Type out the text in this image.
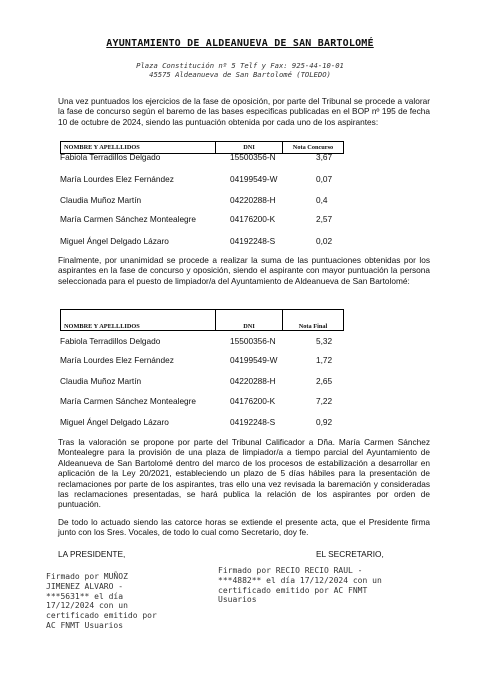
AYUNTAMIENTO DE ALDEANUEVA DE SAN BARTOLOMÉ
Plaza Constitución nº 5 Telf y Fax: 925-44-10-01
45575 Aldeanueva de San Bartolomé (TOLEDO)
Una vez puntuados los ejercicios de la fase de oposición, por parte del Tribunal se procede a valorar la fase de concurso según el baremo de las bases especificas publicadas en el BOP nº 195 de fecha 10 de octubre de 2024, siendo las puntuación obtenida por cada uno de los aspirantes:
NOMBRE Y APELLLIDOS	DNI	Nota Concurso
Fabiola Terradillos Delgado	15500356-N	3,67
María Lourdes Elez Fernández	04199549-W	0,07
Claudia Muñoz Martín	04220288-H	0,4
María Carmen Sánchez Montealegre	04176200-K	2,57
Miguel Ángel Delgado Lázaro	04192248-S	0,02
Finalmente, por unanimidad se procede a realizar la suma de las puntuaciones obtenidas por los aspirantes en la fase de concurso y oposición, siendo el aspirante con mayor puntuación la persona seleccionada para el puesto de limpiador/a del Ayuntamiento de Aldeanueva de San Bartolomé:
NOMBRE Y APELLLIDOS	DNI	Nota Final
Fabiola Terradillos Delgado	15500356-N	5,32
María Lourdes Elez Fernández	04199549-W	1,72
Claudia Muñoz Martín	04220288-H	2,65
María Carmen Sánchez Montealegre	04176200-K	7,22
Miguel Ángel Delgado Lázaro	04192248-S	0,92
Tras la valoración se propone por parte del Tribunal Calificador a Dña. María Carmen Sánchez Montealegre para la provisión de una plaza de limpiador/a a tiempo parcial del Ayuntamiento de Aldeanueva de San Bartolomé dentro del marco de los procesos de estabilización a desarrollar en aplicación de la Ley 20/2021, estableciendo un plazo de 5 días hábiles para la presentación de reclamaciones por parte de los aspirantes, tras ello una vez revisada la baremación y consideradas las reclamaciones presentadas, se hará publica la relación de los aspirantes por orden de puntuación.
De todo lo actuado siendo las catorce horas se extiende el presente acta, que el Presidente firma junto con los Sres. Vocales, de todo lo cual como Secretario, doy fe.
LA PRESIDENTE,	EL SECRETARIO,
Firmado por MUÑOZ
JIMENEZ ALVARO -
***5631** el día
17/12/2024 con un
certificado emitido por
AC FNMT Usuarios
Firmado por RECIO RECIO RAUL -
***4882** el día 17/12/2024 con un
certificado emitido por AC FNMT
Usuarios
